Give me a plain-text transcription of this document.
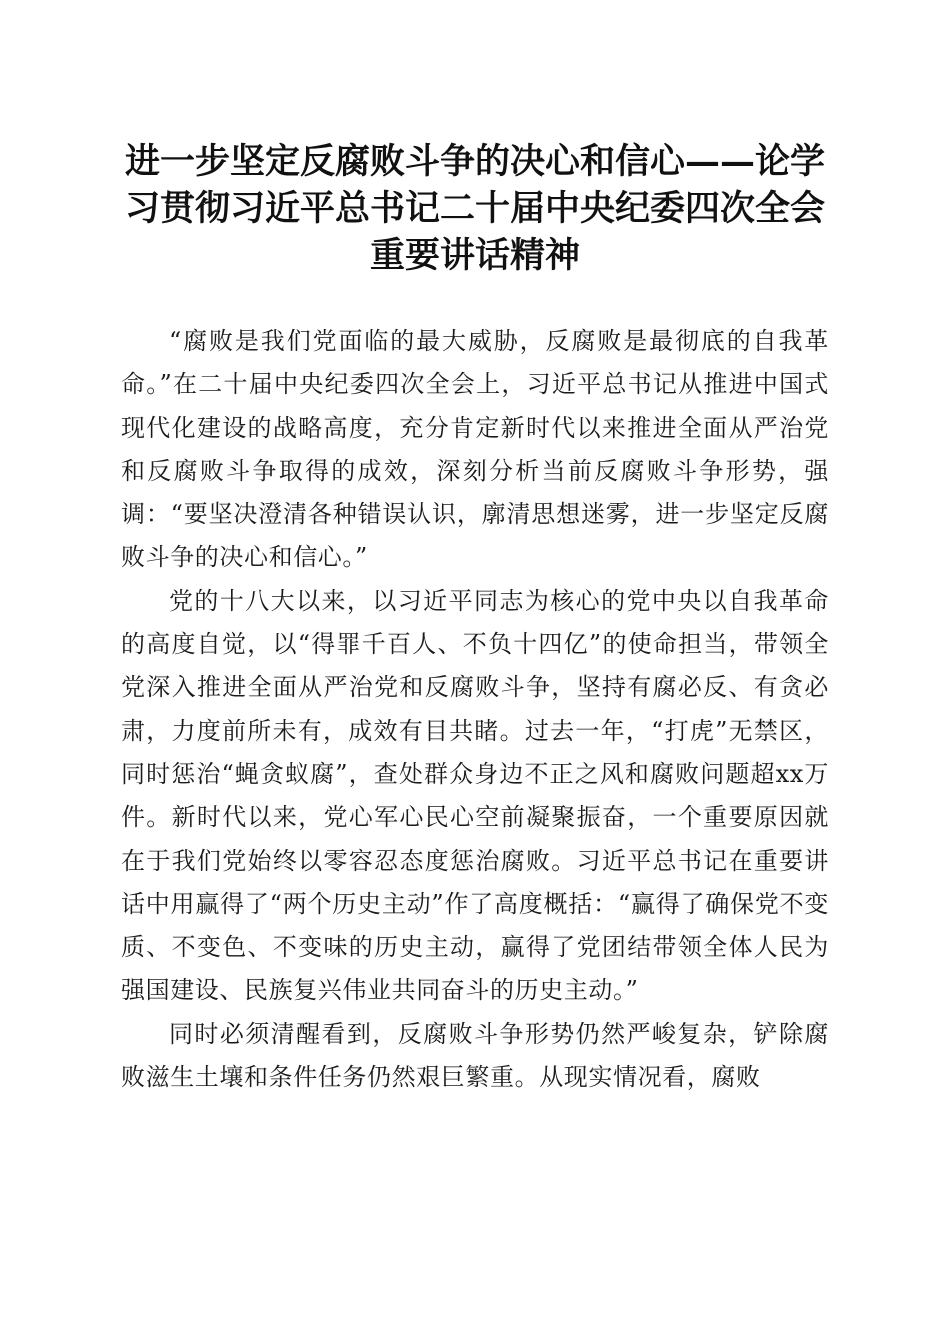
进一步坚定反腐败斗争的决心和信心——论学习贯彻习近平总书记二十届中央纪委四次全会重要讲话精神

“腐败是我们党面临的最大威胁，反腐败是最彻底的自我革命。”在二十届中央纪委四次全会上，习近平总书记从推进中国式现代化建设的战略高度，充分肯定新时代以来推进全面从严治党和反腐败斗争取得的成效，深刻分析当前反腐败斗争形势，强调：“要坚决澄清各种错误认识，廓清思想迷雾，进一步坚定反腐败斗争的决心和信心。”

党的十八大以来，以习近平同志为核心的党中央以自我革命的高度自觉，以“得罪千百人、不负十四亿”的使命担当，带领全党深入推进全面从严治党和反腐败斗争，坚持有腐必反、有贪必肃，力度前所未有，成效有目共睹。过去一年，“打虎”无禁区，同时惩治“蝇贪蚁腐”，查处群众身边不正之风和腐败问题超xx万件。新时代以来，党心军心民心空前凝聚振奋，一个重要原因就在于我们党始终以零容忍态度惩治腐败。习近平总书记在重要讲话中用赢得了“两个历史主动”作了高度概括：“赢得了确保党不变质、不变色、不变味的历史主动，赢得了党团结带领全体人民为强国建设、民族复兴伟业共同奋斗的历史主动。”

同时必须清醒看到，反腐败斗争形势仍然严峻复杂，铲除腐败滋生土壤和条件任务仍然艰巨繁重。从现实情况看，腐败
